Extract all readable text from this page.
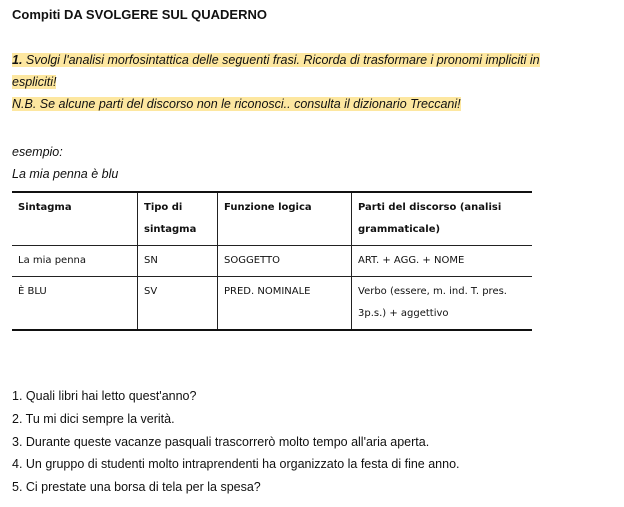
Compiti DA SVOLGERE SUL QUADERNO
1. Svolgi l'analisi morfosintattica delle seguenti frasi. Ricorda di trasformare i pronomi impliciti in
espliciti!
N.B. Se alcune parti del discorso non le riconosci.. consulta il dizionario Treccani!
esempio:
La mia penna è blu
Sintagma	Tipo di sintagma	Funzione logica	Parti del discorso (analisi grammaticale)
La mia penna	SN	SOGGETTO	ART. + AGG. + NOME
È BLU	SV	PRED. NOMINALE	Verbo (essere, m. ind. T. pres. 3p.s.) + aggettivo
1. Quali libri hai letto quest'anno?
2. Tu mi dici sempre la verità.
3. Durante queste vacanze pasquali trascorrerò molto tempo all'aria aperta.
4. Un gruppo di studenti molto intraprendenti ha organizzato la festa di fine anno.
5. Ci prestate una borsa di tela per la spesa?
